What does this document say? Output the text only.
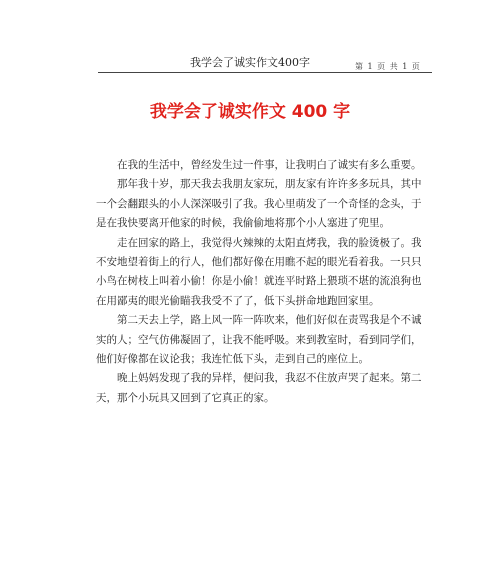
我学会了诚实作文400字	第 1 页 共 1 页
我学会了诚实作文 400 字

在我的生活中，曾经发生过一件事，让我明白了诚实有多么重要。

那年我十岁，那天我去我朋友家玩，朋友家有许许多多玩具，其中一个会翻跟头的小人深深吸引了我。我心里萌发了一个奇怪的念头，于是在我快要离开他家的时候，我偷偷地将那个小人塞进了兜里。

走在回家的路上，我觉得火辣辣的太阳直烤我，我的脸烫极了。我不安地望着街上的行人，他们都好像在用瞧不起的眼光看着我。一只只小鸟在树枝上叫着小偷！你是小偷！就连平时路上猥琐不堪的流浪狗也在用鄙夷的眼光偷瞄我我受不了了，低下头拼命地跑回家里。

第二天去上学，路上风一阵一阵吹来，他们好似在责骂我是个不诚实的人；空气仿佛凝固了，让我不能呼吸。来到教室时，看到同学们，他们好像都在议论我；我连忙低下头，走到自己的座位上。

晚上妈妈发现了我的异样，便问我，我忍不住放声哭了起来。第二天，那个小玩具又回到了它真正的家。
